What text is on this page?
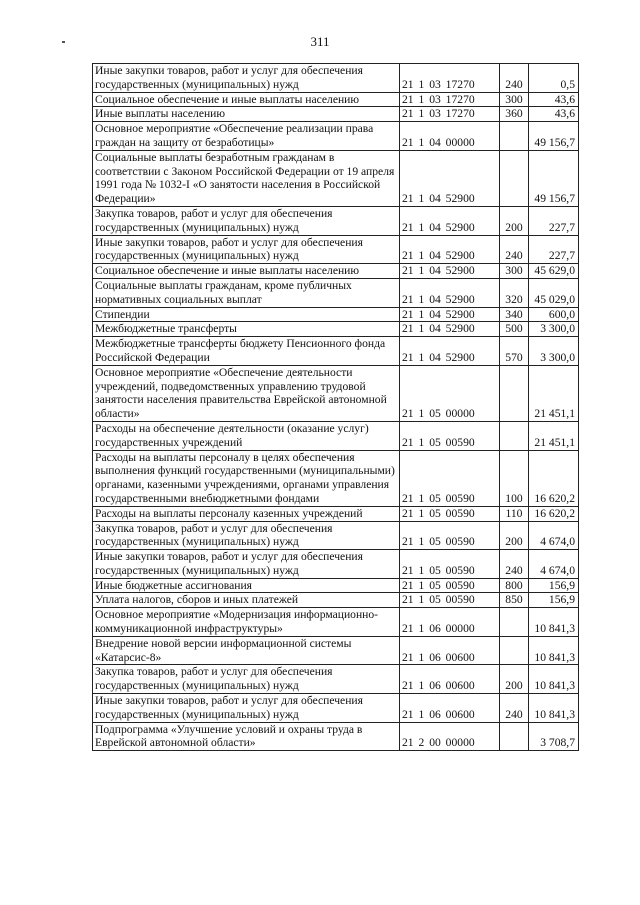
311
Иные закупки товаров, работ и услуг для обеспечения государственных (муниципальных) нужд	21 1 03 17270	240	0,5
Социальное обеспечение и иные выплаты населению	21 1 03 17270	300	43,6
Иные выплаты населению	21 1 03 17270	360	43,6
Основное мероприятие «Обеспечение реализации права граждан на защиту от безработицы»	21 1 04 00000		49 156,7
Социальные выплаты безработным гражданам в соответствии с Законом Российской Федерации от 19 апреля 1991 года № 1032-I «О занятости населения в Российской Федерации»	21 1 04 52900		49 156,7
Закупка товаров, работ и услуг для обеспечения государственных (муниципальных) нужд	21 1 04 52900	200	227,7
Иные закупки товаров, работ и услуг для обеспечения государственных (муниципальных) нужд	21 1 04 52900	240	227,7
Социальное обеспечение и иные выплаты населению	21 1 04 52900	300	45 629,0
Социальные выплаты гражданам, кроме публичных нормативных социальных выплат	21 1 04 52900	320	45 029,0
Стипендии	21 1 04 52900	340	600,0
Межбюджетные трансферты	21 1 04 52900	500	3 300,0
Межбюджетные трансферты бюджету Пенсионного фонда Российской Федерации	21 1 04 52900	570	3 300,0
Основное мероприятие «Обеспечение деятельности учреждений, подведомственных управлению трудовой занятости населения правительства Еврейской автономной области»	21 1 05 00000		21 451,1
Расходы на обеспечение деятельности (оказание услуг) государственных учреждений	21 1 05 00590		21 451,1
Расходы на выплаты персоналу в целях обеспечения выполнения функций государственными (муниципальными) органами, казенными учреждениями, органами управления государственными внебюджетными фондами	21 1 05 00590	100	16 620,2
Расходы на выплаты персоналу казенных учреждений	21 1 05 00590	110	16 620,2
Закупка товаров, работ и услуг для обеспечения государственных (муниципальных) нужд	21 1 05 00590	200	4 674,0
Иные закупки товаров, работ и услуг для обеспечения государственных (муниципальных) нужд	21 1 05 00590	240	4 674,0
Иные бюджетные ассигнования	21 1 05 00590	800	156,9
Уплата налогов, сборов и иных платежей	21 1 05 00590	850	156,9
Основное мероприятие «Модернизация информационно-коммуникационной инфраструктуры»	21 1 06 00000		10 841,3
Внедрение новой версии информационной системы «Катарсис-8»	21 1 06 00600		10 841,3
Закупка товаров, работ и услуг для обеспечения государственных (муниципальных) нужд	21 1 06 00600	200	10 841,3
Иные закупки товаров, работ и услуг для обеспечения государственных (муниципальных) нужд	21 1 06 00600	240	10 841,3
Подпрограмма «Улучшение условий и охраны труда в Еврейской автономной области»	21 2 00 00000		3 708,7
